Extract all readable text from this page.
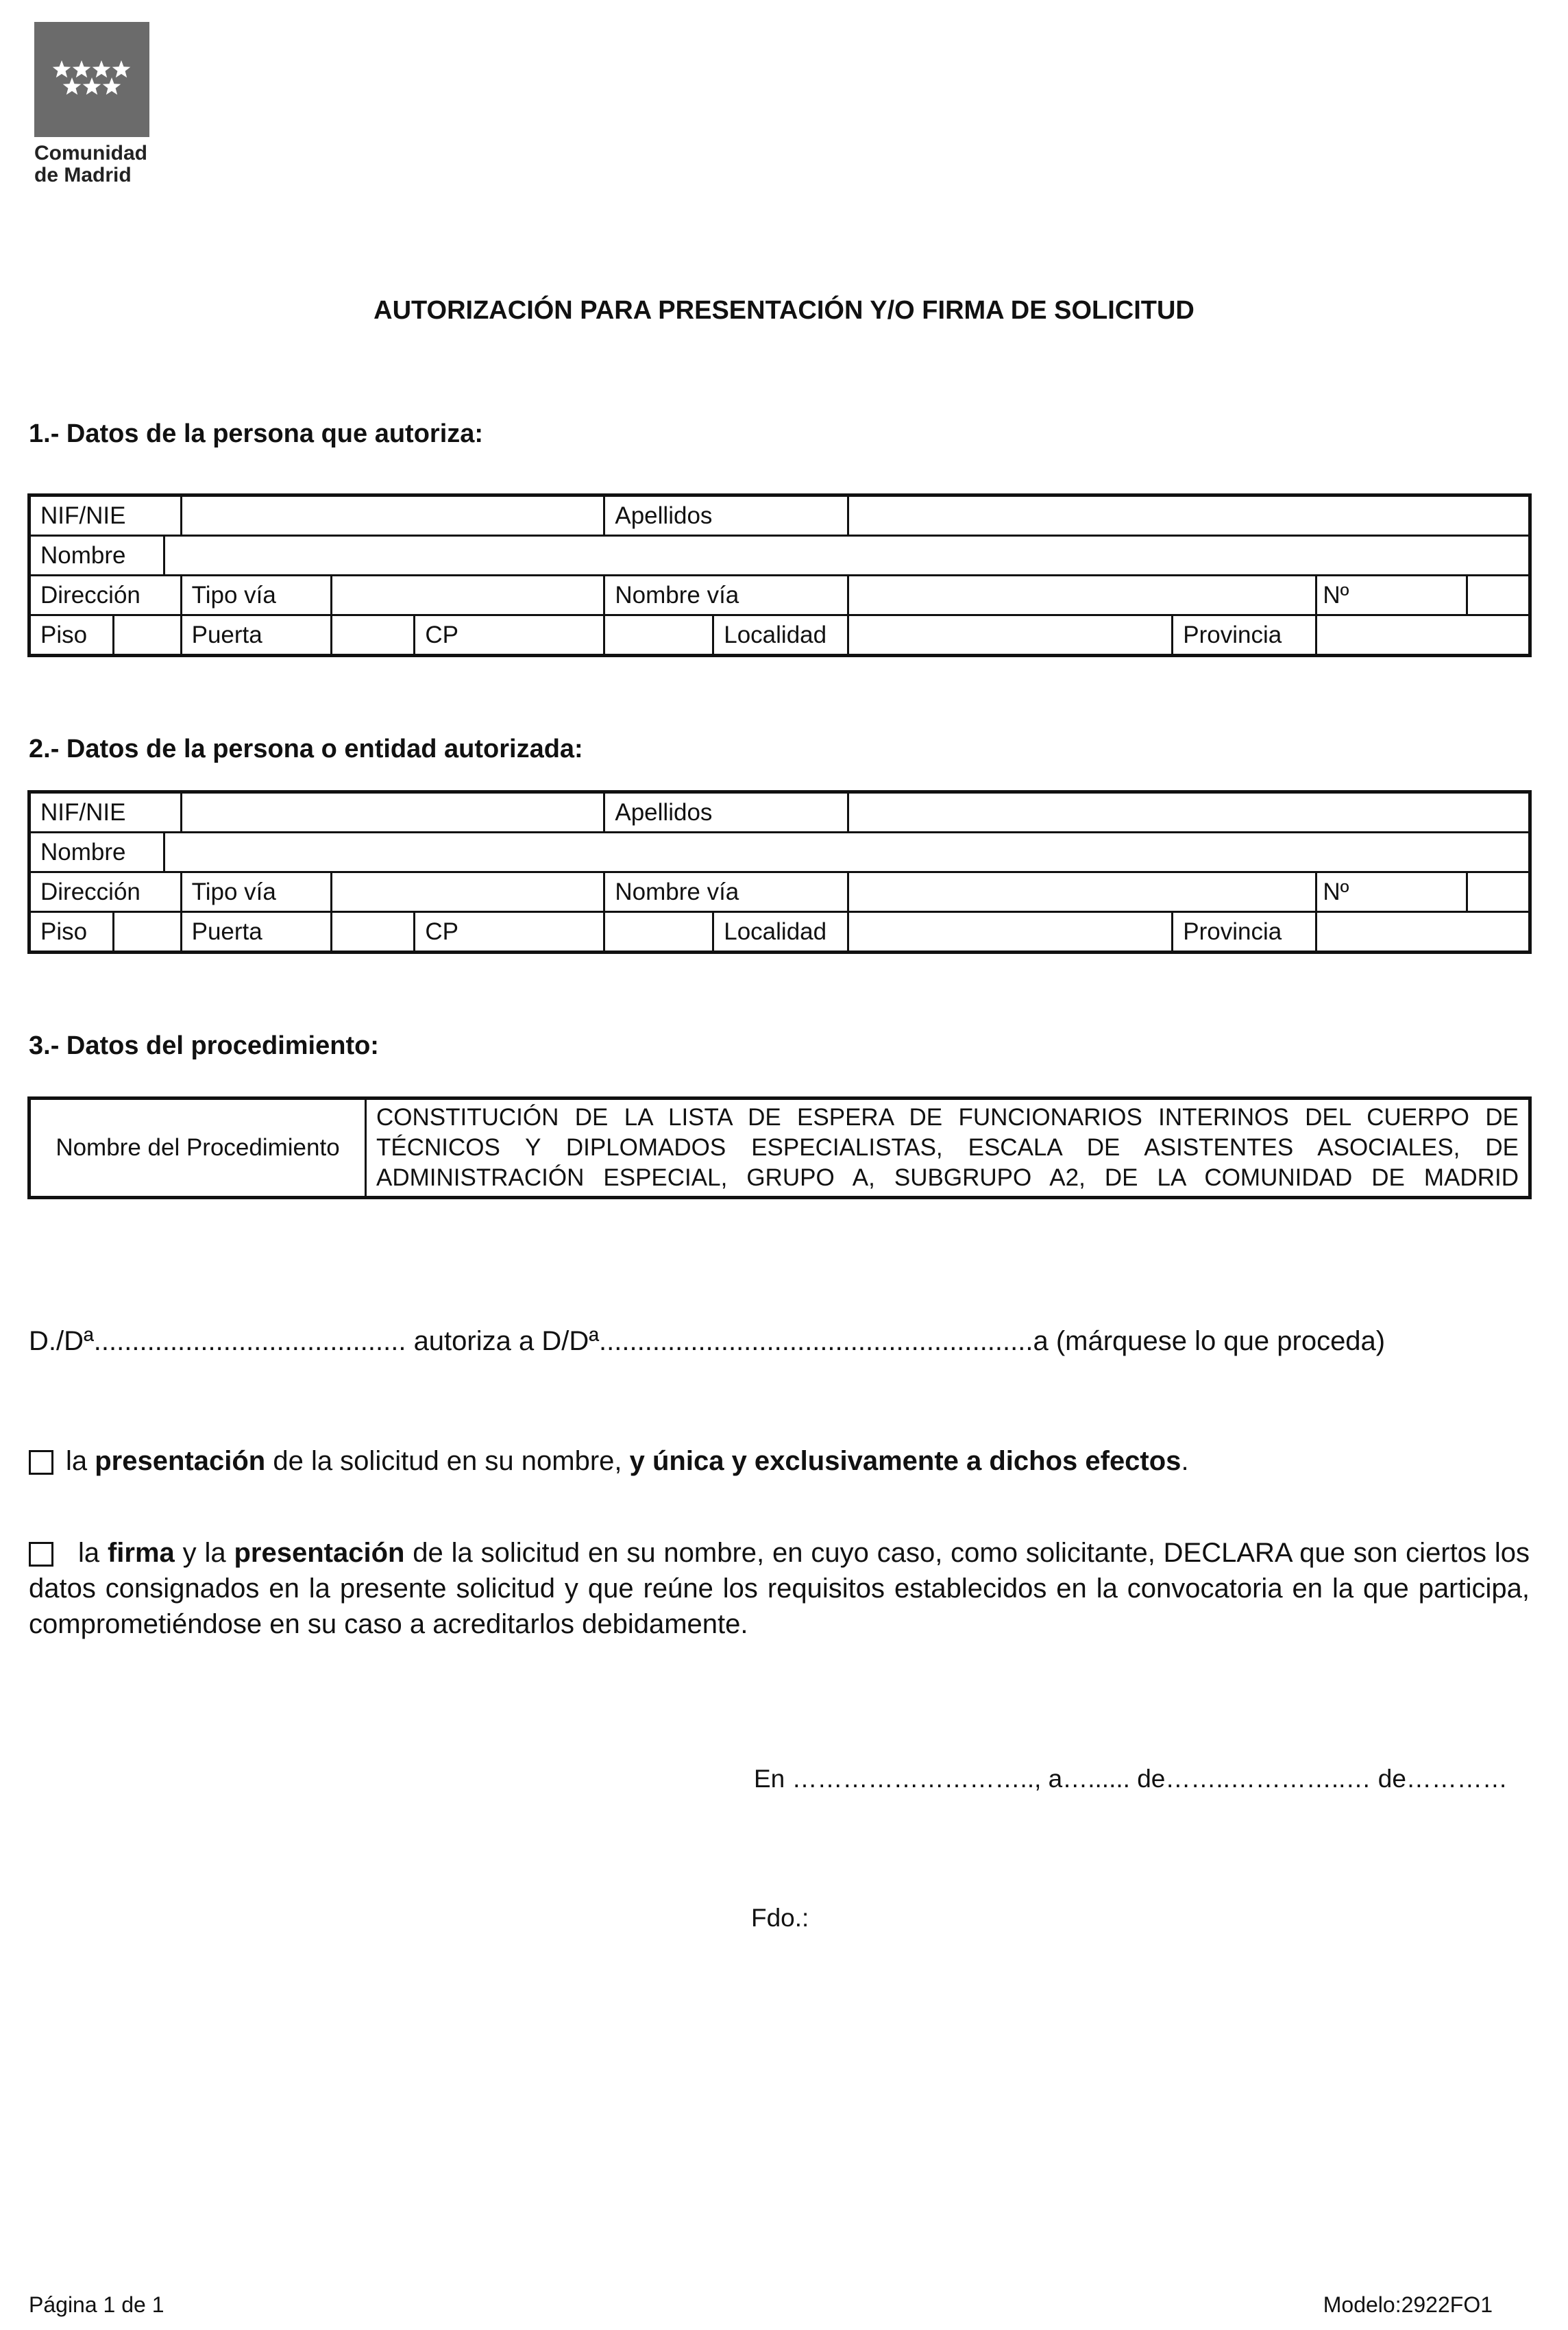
Comunidad
de Madrid
AUTORIZACIÓN PARA PRESENTACIÓN Y/O FIRMA DE SOLICITUD
1.- Datos de la persona que autoriza:
NIF/NIE						Apellidos					
Nombre											
Dirección			Tipo vía			Nombre vía				Nº	
Piso			Puerta		CP		Localidad		Provincia		
2.- Datos de la persona o entidad autorizada:
NIF/NIE						Apellidos					
Nombre											
Dirección			Tipo vía			Nombre vía				Nº	
Piso			Puerta		CP		Localidad		Provincia		
3.- Datos del procedimiento:
Nombre del Procedimiento	CONSTITUCIÓN DE LA LISTA DE ESPERA DE FUNCIONARIOS INTERINOS DEL CUERPO DE TÉCNICOS Y DIPLOMADOS ESPECIALISTAS, ESCALA DE ASISTENTES ASOCIALES, DE ADMINISTRACIÓN ESPECIAL, GRUPO A, SUBGRUPO A2, DE LA COMUNIDAD DE MADRID
D./Dª......................................... autoriza a D/Dª.........................................................a (márquese lo que proceda)
la presentación de la solicitud en su nombre, y única y exclusivamente a dichos efectos.
la firma y la presentación de la solicitud en su nombre, en cuyo caso, como solicitante, DECLARA que son ciertos los datos consignados en la presente solicitud y que reúne los requisitos establecidos en la convocatoria en la que participa, comprometiéndose en su caso a acreditarlos debidamente.
En ……………………….., a…...... de……..…………..… de…………
Fdo.:
Página 1 de 1	Modelo:2922FO1
